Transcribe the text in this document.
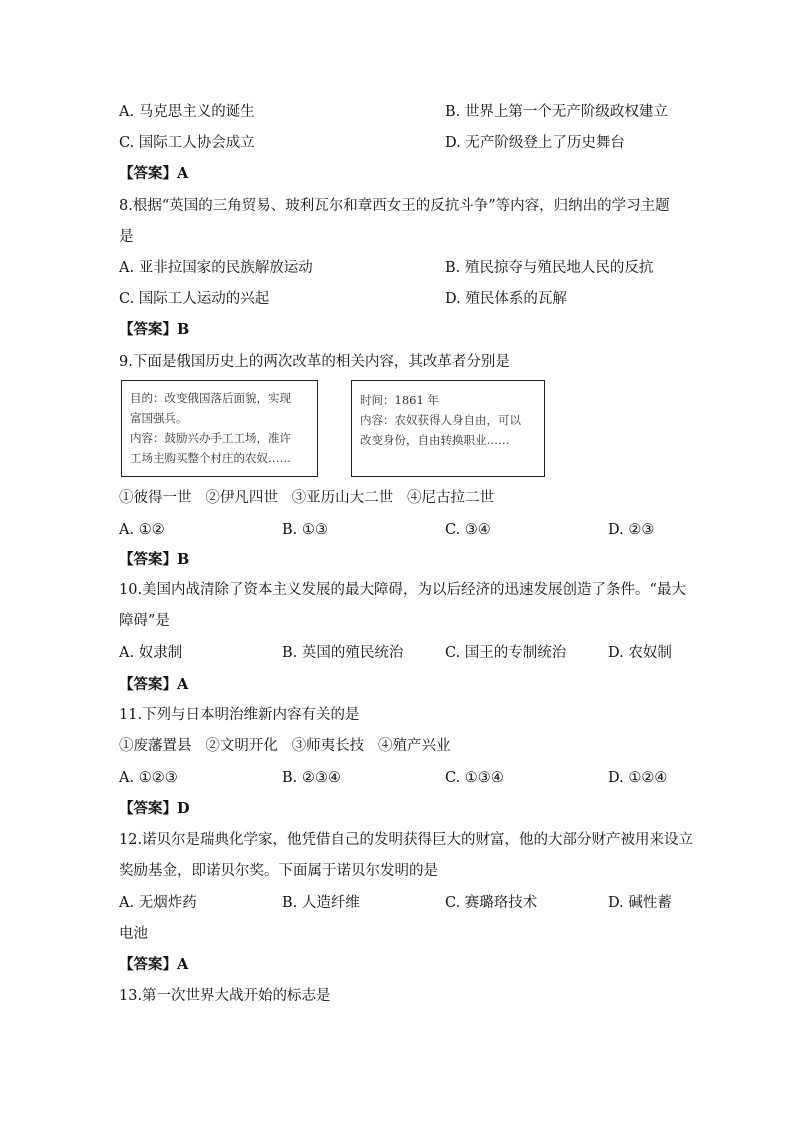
A. 马克思主义的诞生	B. 世界上第一个无产阶级政权建立
C. 国际工人协会成立	D. 无产阶级登上了历史舞台
【答案】A
8.根据“英国的三角贸易、玻利瓦尔和章西女王的反抗斗争”等内容，归纳出的学习主题
是
A. 亚非拉国家的民族解放运动	B. 殖民掠夺与殖民地人民的反抗
C. 国际工人运动的兴起	D. 殖民体系的瓦解
【答案】B
9.下面是俄国历史上的两次改革的相关内容，其改革者分别是
目的：改变俄国落后面貌，实现
富国强兵。
内容：鼓励兴办手工工场，准许
工场主购买整个村庄的农奴……
时间：1861 年
内容：农奴获得人身自由，可以
改变身份，自由转换职业……
①彼得一世   ②伊凡四世   ③亚历山大二世   ④尼古拉二世
A. ①②	B. ①③	C. ③④	D. ②③
【答案】B
10.美国内战清除了资本主义发展的最大障碍，为以后经济的迅速发展创造了条件。“最大
障碍”是
A. 奴隶制	B. 英国的殖民统治	C. 国王的专制统治	D. 农奴制
【答案】A
11.下列与日本明治维新内容有关的是
①废藩置县   ②文明开化   ③师夷长技   ④殖产兴业
A. ①②③	B. ②③④	C. ①③④	D. ①②④
【答案】D
12.诺贝尔是瑞典化学家，他凭借自己的发明获得巨大的财富，他的大部分财产被用来设立
奖励基金，即诺贝尔奖。下面属于诺贝尔发明的是
A. 无烟炸药	B. 人造纤维	C. 赛璐珞技术	D. 碱性蓄
电池
【答案】A
13.第一次世界大战开始的标志是
